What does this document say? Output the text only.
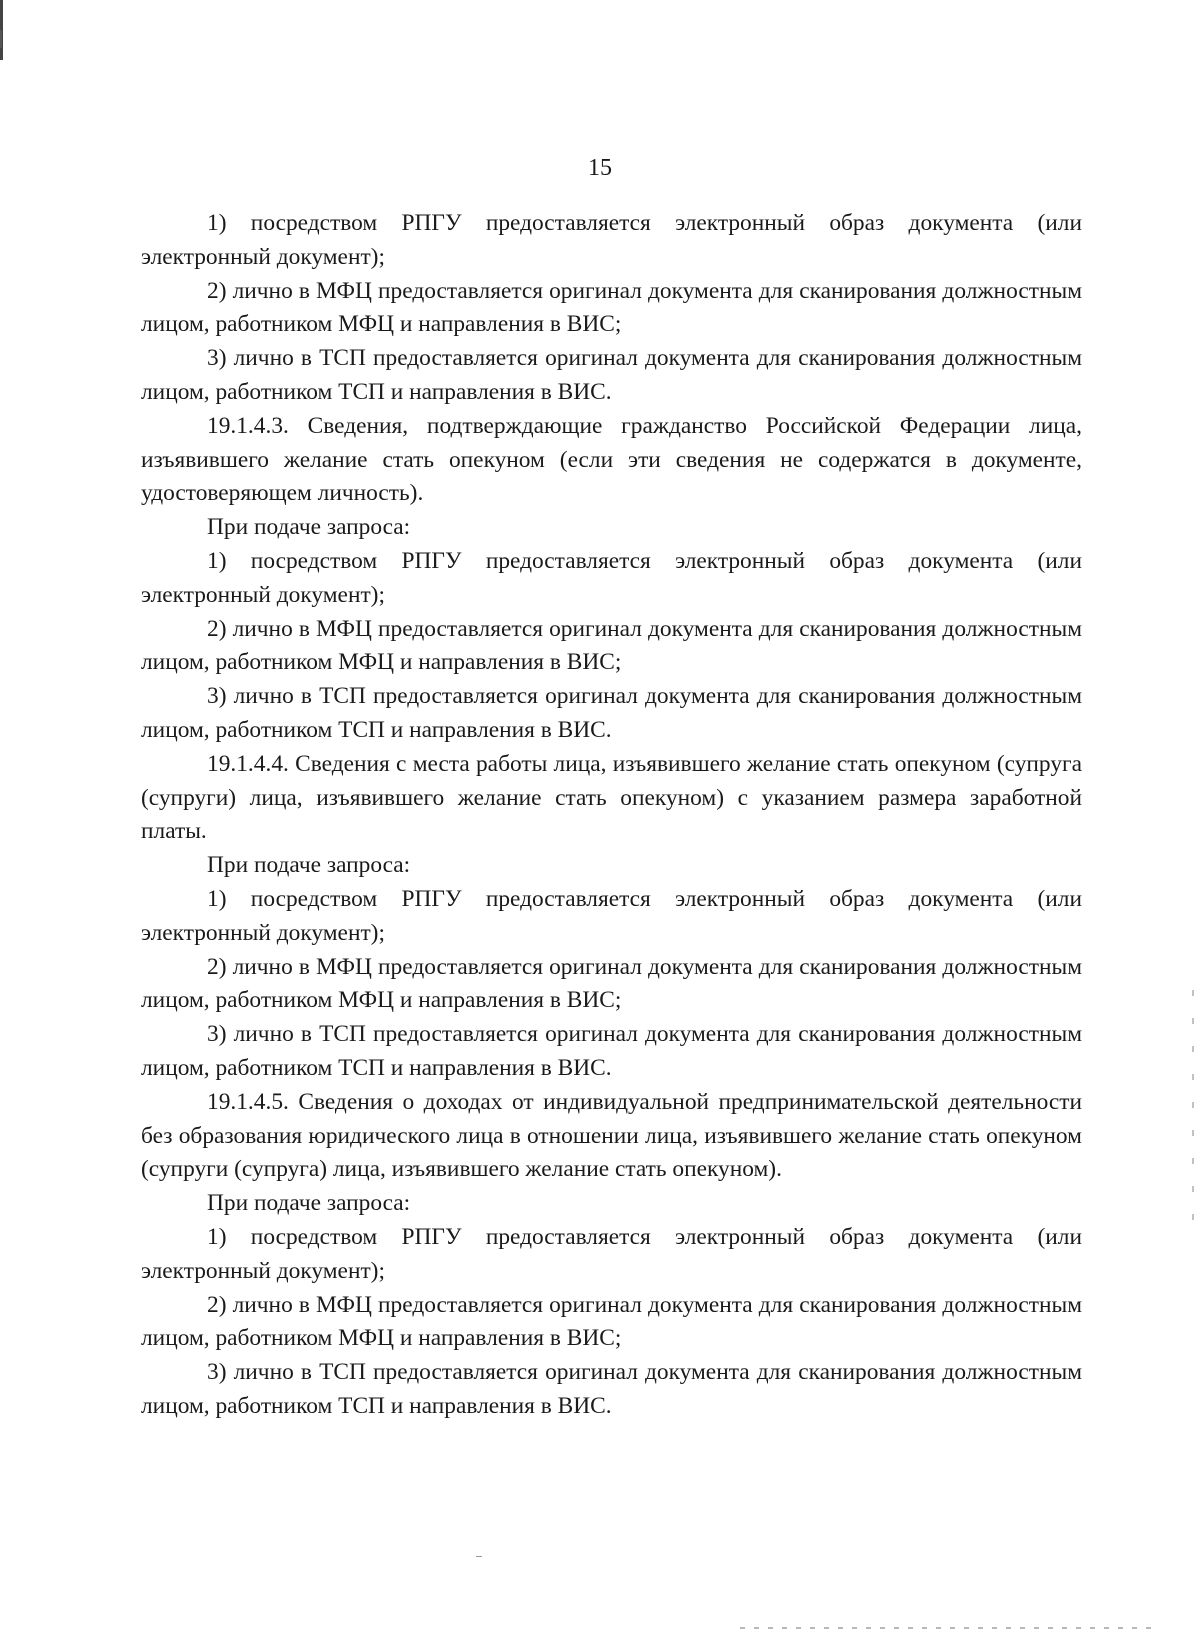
15

1) посредством РПГУ предоставляется электронный образ документа (или электронный документ);

2) лично в МФЦ предоставляется оригинал документа для сканирования должностным лицом, работником МФЦ и направления в ВИС;

3) лично в ТСП предоставляется оригинал документа для сканирования должностным лицом, работником ТСП и направления в ВИС.

19.1.4.3. Сведения, подтверждающие гражданство Российской Федерации лица, изъявившего желание стать опекуном (если эти сведения не содержатся в документе, удостоверяющем личность).

При подаче запроса:

1) посредством РПГУ предоставляется электронный образ документа (или электронный документ);

2) лично в МФЦ предоставляется оригинал документа для сканирования должностным лицом, работником МФЦ и направления в ВИС;

3) лично в ТСП предоставляется оригинал документа для сканирования должностным лицом, работником ТСП и направления в ВИС.

19.1.4.4. Сведения с места работы лица, изъявившего желание стать опекуном (супруга (супруги) лица, изъявившего желание стать опекуном) с указанием размера заработной платы.

При подаче запроса:

1) посредством РПГУ предоставляется электронный образ документа (или электронный документ);

2) лично в МФЦ предоставляется оригинал документа для сканирования должностным лицом, работником МФЦ и направления в ВИС;

3) лично в ТСП предоставляется оригинал документа для сканирования должностным лицом, работником ТСП и направления в ВИС.

19.1.4.5. Сведения о доходах от индивидуальной предпринимательской деятельности без образования юридического лица в отношении лица, изъявившего желание стать опекуном (супруги (супруга) лица, изъявившего желание стать опекуном).

При подаче запроса:

1) посредством РПГУ предоставляется электронный образ документа (или электронный документ);

2) лично в МФЦ предоставляется оригинал документа для сканирования должностным лицом, работником МФЦ и направления в ВИС;

3) лично в ТСП предоставляется оригинал документа для сканирования должностным лицом, работником ТСП и направления в ВИС.
